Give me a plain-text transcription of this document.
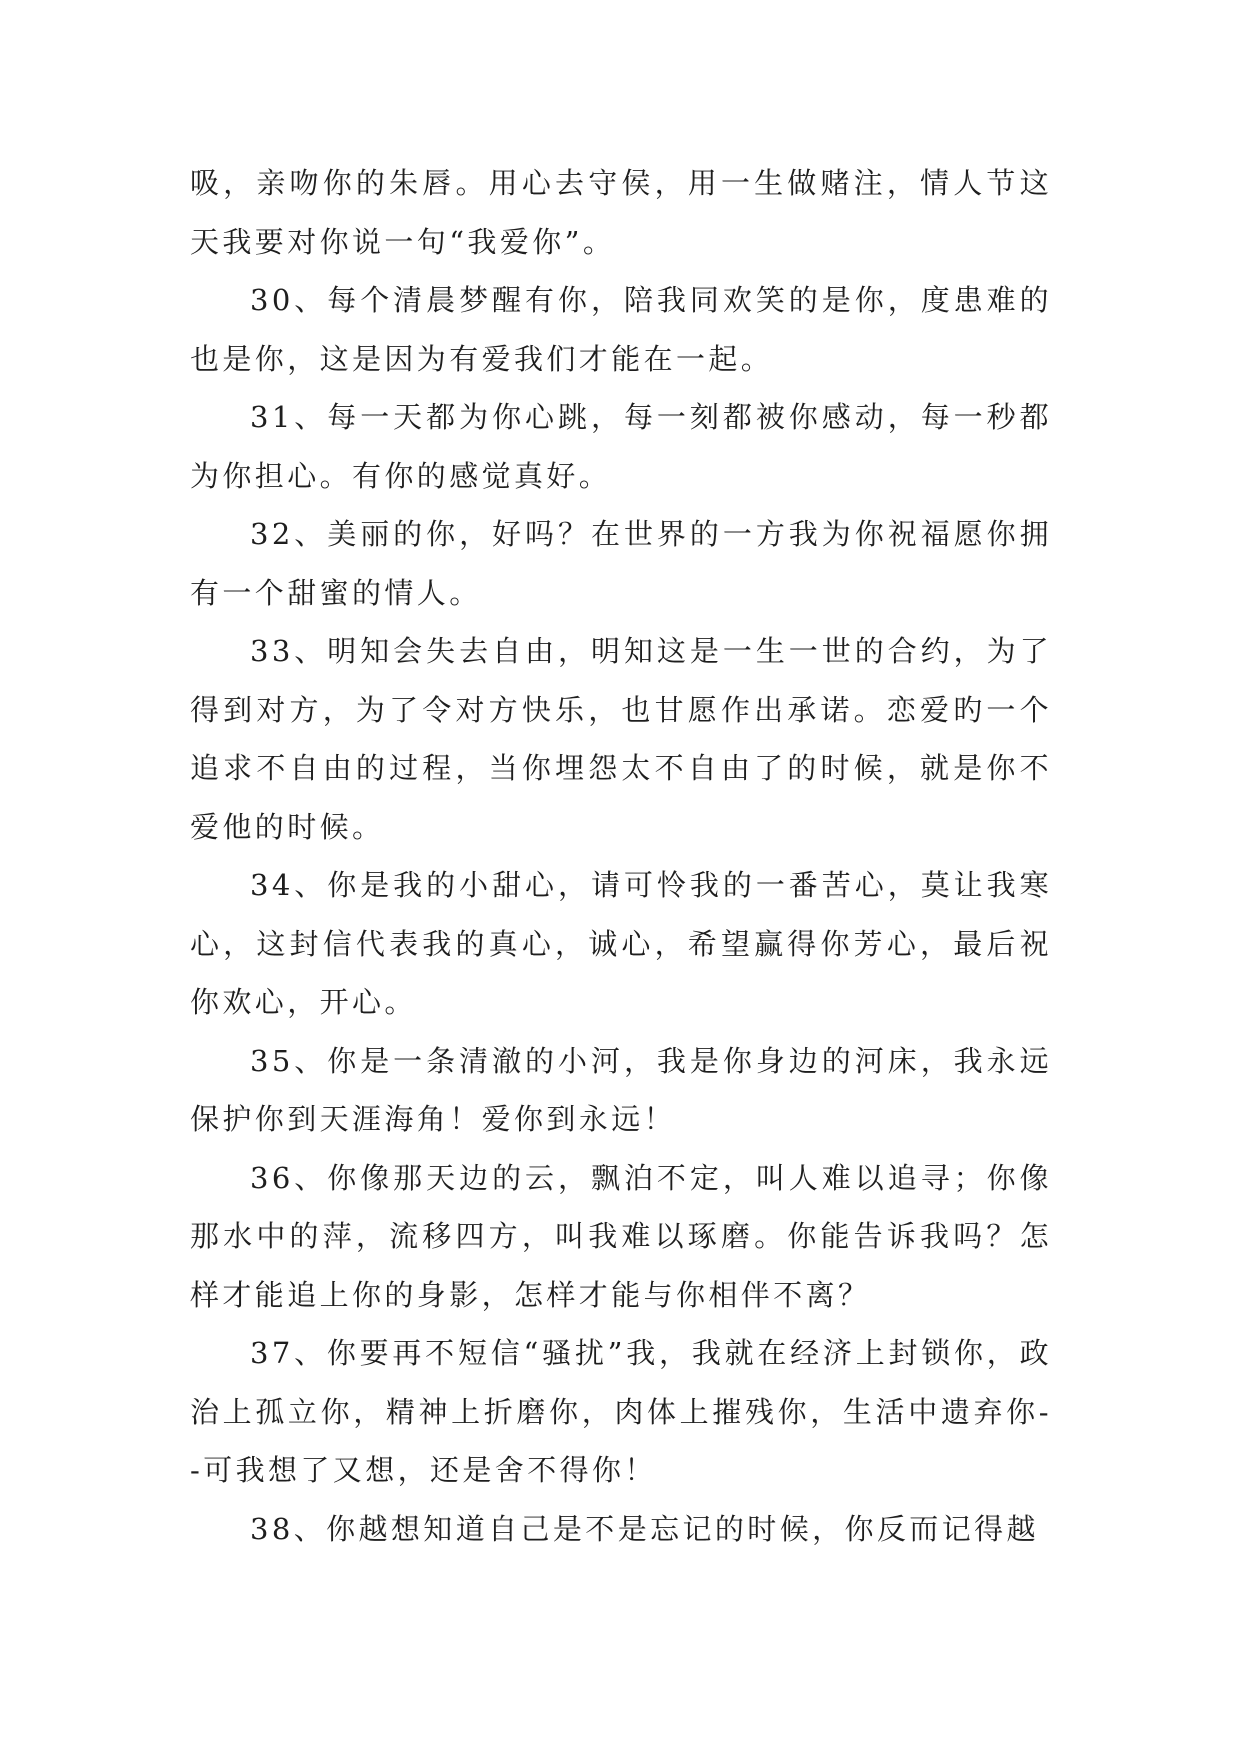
吸，亲吻你的朱唇。用心去守侯，用一生做赌注，情人节这天我要对你说一句“我爱你”。

30、每个清晨梦醒有你，陪我同欢笑的是你，度患难的也是你，这是因为有爱我们才能在一起。

31、每一天都为你心跳，每一刻都被你感动，每一秒都为你担心。有你的感觉真好。

32、美丽的你，好吗？在世界的一方我为你祝福愿你拥有一个甜蜜的情人。

33、明知会失去自由，明知这是一生一世的合约，为了得到对方，为了令对方快乐，也甘愿作出承诺。恋爱旳一个追求不自由的过程，当你埋怨太不自由了的时候，就是你不爱他的时候。

34、你是我的小甜心，请可怜我的一番苦心，莫让我寒心，这封信代表我的真心，诚心，希望赢得你芳心，最后祝你欢心，开心。

35、你是一条清澈的小河，我是你身边的河床，我永远保护你到天涯海角！爱你到永远！

36、你像那天边的云，飘泊不定，叫人难以追寻；你像那水中的萍，流移四方，叫我难以琢磨。你能告诉我吗？怎样才能追上你的身影，怎样才能与你相伴不离？

37、你要再不短信“骚扰”我，我就在经济上封锁你，政治上孤立你，精神上折磨你，肉体上摧残你，生活中遗弃你--可我想了又想，还是舍不得你！

38、你越想知道自己是不是忘记的时候，你反而记得越
